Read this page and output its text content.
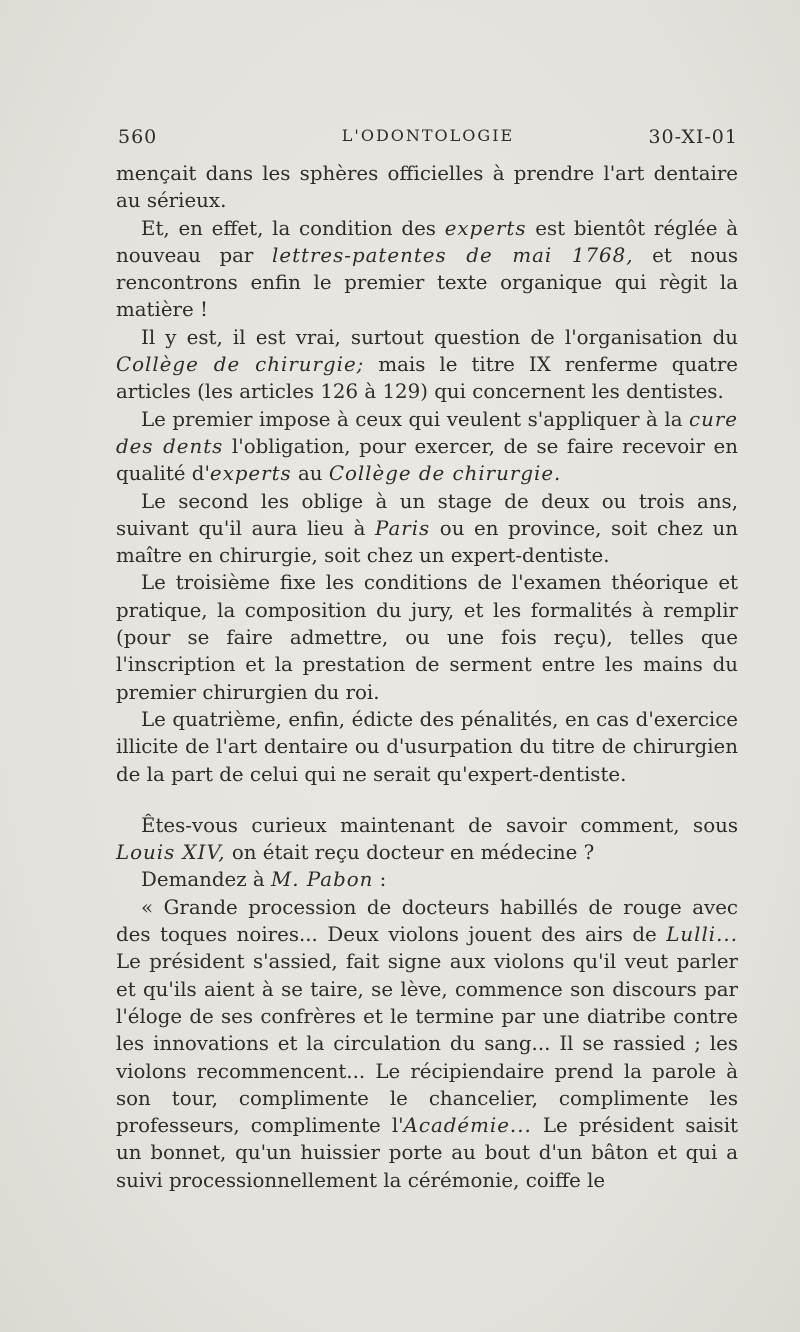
560	L'ODONTOLOGIE	30-XI-01

mençait dans les sphères officielles à prendre l'art dentaire au sérieux.

Et, en effet, la condition des experts est bientôt réglée à nouveau par lettres-patentes de mai 1768, et nous rencontrons enfin le premier texte organique qui règit la matière !

Il y est, il est vrai, surtout question de l'organisation du Collège de chirurgie; mais le titre IX renferme quatre articles (les articles 126 à 129) qui concernent les dentistes.

Le premier impose à ceux qui veulent s'appliquer à la cure des dents l'obligation, pour exercer, de se faire recevoir en qualité d'experts au Collège de chirurgie.

Le second les oblige à un stage de deux ou trois ans, suivant qu'il aura lieu à Paris ou en province, soit chez un maître en chirurgie, soit chez un expert-dentiste.

Le troisième fixe les conditions de l'examen théorique et pratique, la composition du jury, et les formalités à remplir (pour se faire admettre, ou une fois reçu), telles que l'inscription et la prestation de serment entre les mains du premier chirurgien du roi.

Le quatrième, enfin, édicte des pénalités, en cas d'exercice illicite de l'art dentaire ou d'usurpation du titre de chirurgien de la part de celui qui ne serait qu'expert-dentiste.

Êtes-vous curieux maintenant de savoir comment, sous Louis XIV, on était reçu docteur en médecine ?

Demandez à M. Pabon :

« Grande procession de docteurs habillés de rouge avec des toques noires... Deux violons jouent des airs de Lulli... Le président s'assied, fait signe aux violons qu'il veut parler et qu'ils aient à se taire, se lève, commence son discours par l'éloge de ses confrères et le termine par une diatribe contre les innovations et la circulation du sang... Il se rassied ; les violons recommencent... Le récipiendaire prend la parole à son tour, complimente le chancelier, complimente les professeurs, complimente l'Académie... Le président saisit un bonnet, qu'un huissier porte au bout d'un bâton et qui a suivi processionnellement la cérémonie, coiffe le
